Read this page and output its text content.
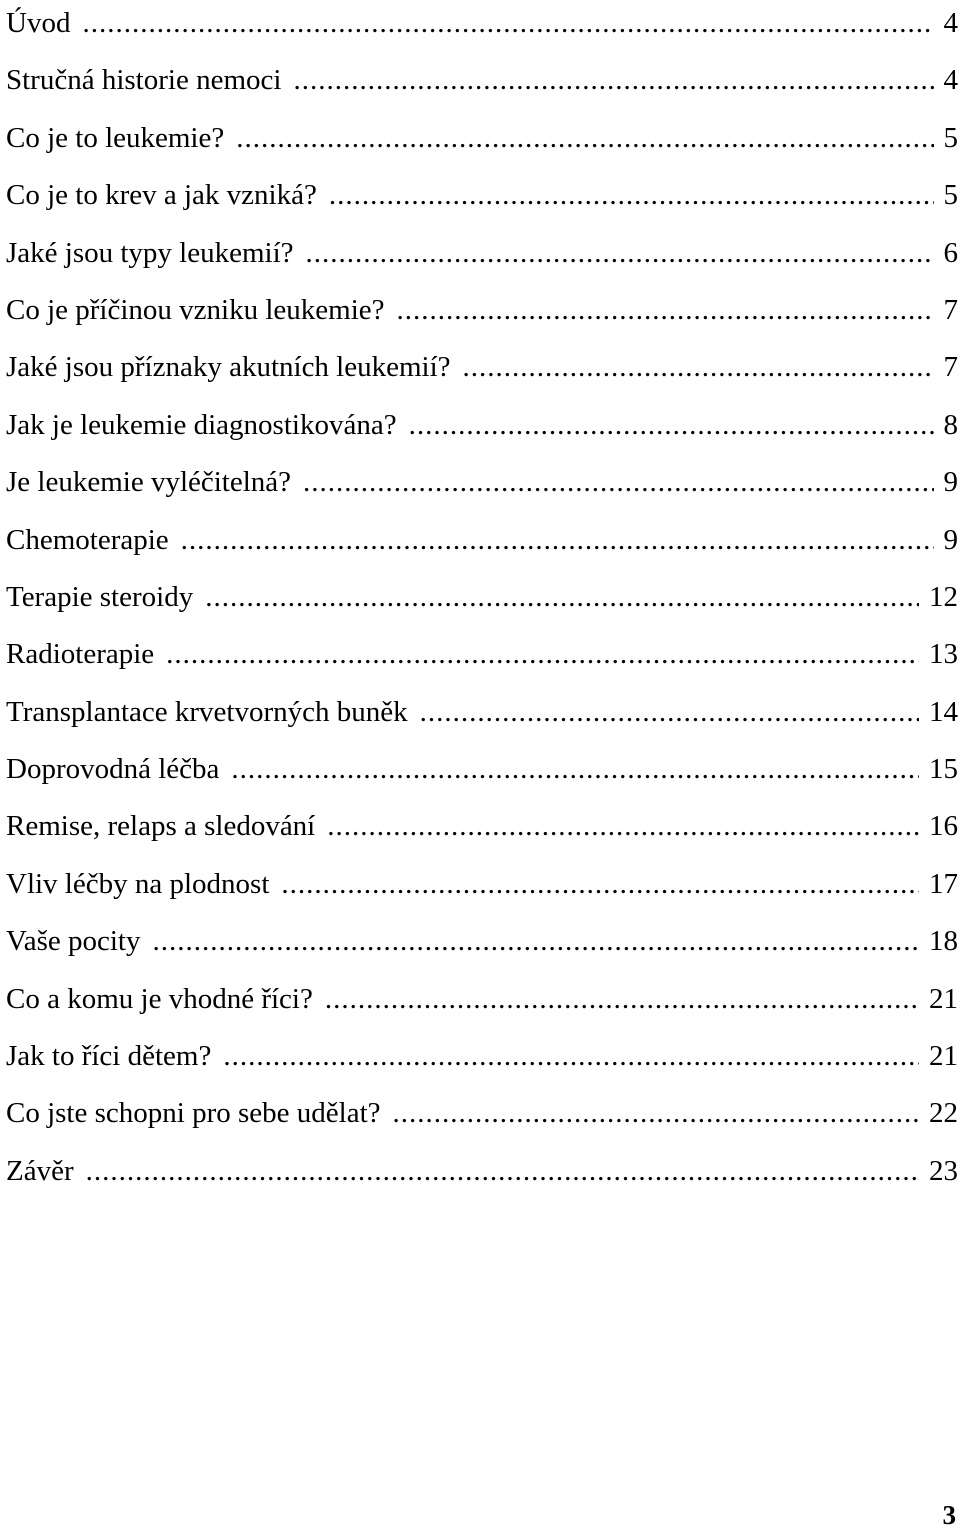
Úvod .....	4
Stručná historie nemoci .....	4
Co je to leukemie? .....	5
Co je to krev a jak vzniká? .....	5
Jaké jsou typy leukemií? .....	6
Co je příčinou vzniku leukemie? .....	7
Jaké jsou příznaky akutních leukemií? .....	7
Jak je leukemie diagnostikována? .....	8
Je leukemie vyléčitelná? .....	9
Chemoterapie .....	9
Terapie steroidy .....	12
Radioterapie .....	13
Transplantace krvetvorných buněk .....	14
Doprovodná léčba .....	15
Remise, relaps a sledování .....	16
Vliv léčby na plodnost .....	17
Vaše pocity .....	18
Co a komu je vhodné říci? .....	21
Jak to říci dětem? .....	21
Co jste schopni pro sebe udělat? .....	22
Závěr .....	23
3
